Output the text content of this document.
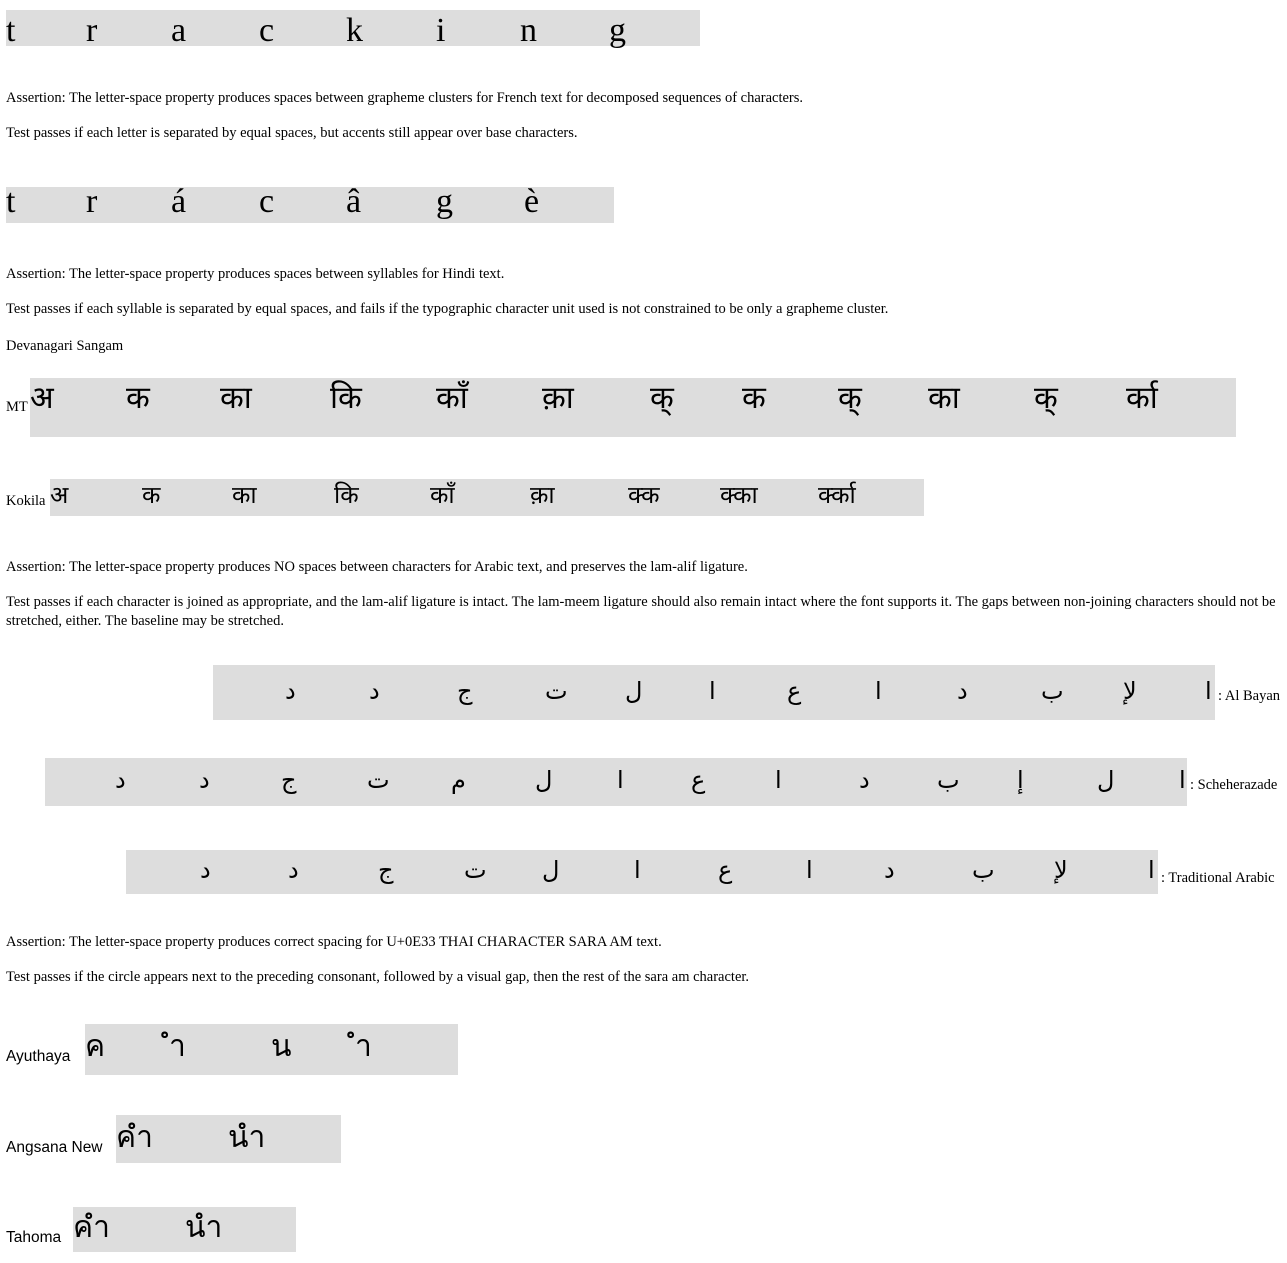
t r a c k i n g
Assertion: The letter-space property produces spaces between grapheme clusters for French text for decomposed sequences of characters.
Test passes if each letter is separated by equal spaces, but accents still appear over base characters.
t r á c â g è
Assertion: The letter-space property produces spaces between syllables for Hindi text.
Test passes if each syllable is separated by equal spaces, and fails if the typographic character unit used is not constrained to be only a grapheme cluster.
Devanagari Sangam
MT अ क का	कि काँ क़ा क् क क् का क् र्का
Kokila अ	क	का	कि	काँ	क़ा	क्क	क्का	र्क्का
Assertion: The letter-space property produces NO spaces between characters for Arabic text, and preserves the lam-alif ligature.
Test passes if each character is joined as appropriate, and the lam-alif ligature is intact. The lam-meem ligature should also remain intact where the font supports it. The gaps between non-joining characters should not be stretched, either. The baseline may be stretched.
ا
لإ
ب
د
ا
ع
ا
ل
ت
ج
د
د	: Al Bayan
ا
ل
إ
ب
د
ا
ع
ا
ل
م
ت
ج
د
د	: Scheherazade
ا
لإ
ب
د
ا
ع
ا
ل
ت
ج
د
د	: Traditional Arabic
Assertion: The letter-space property produces correct spacing for U+0E33 THAI CHARACTER SARA AM text.
Test passes if the circle appears next to the preceding consonant, followed by a visual gap, then the rest of the sara am character.
Ayuthaya ค ํา	น ํา
Angsana New คํา	นํา
Tahoma คํา	นํา
